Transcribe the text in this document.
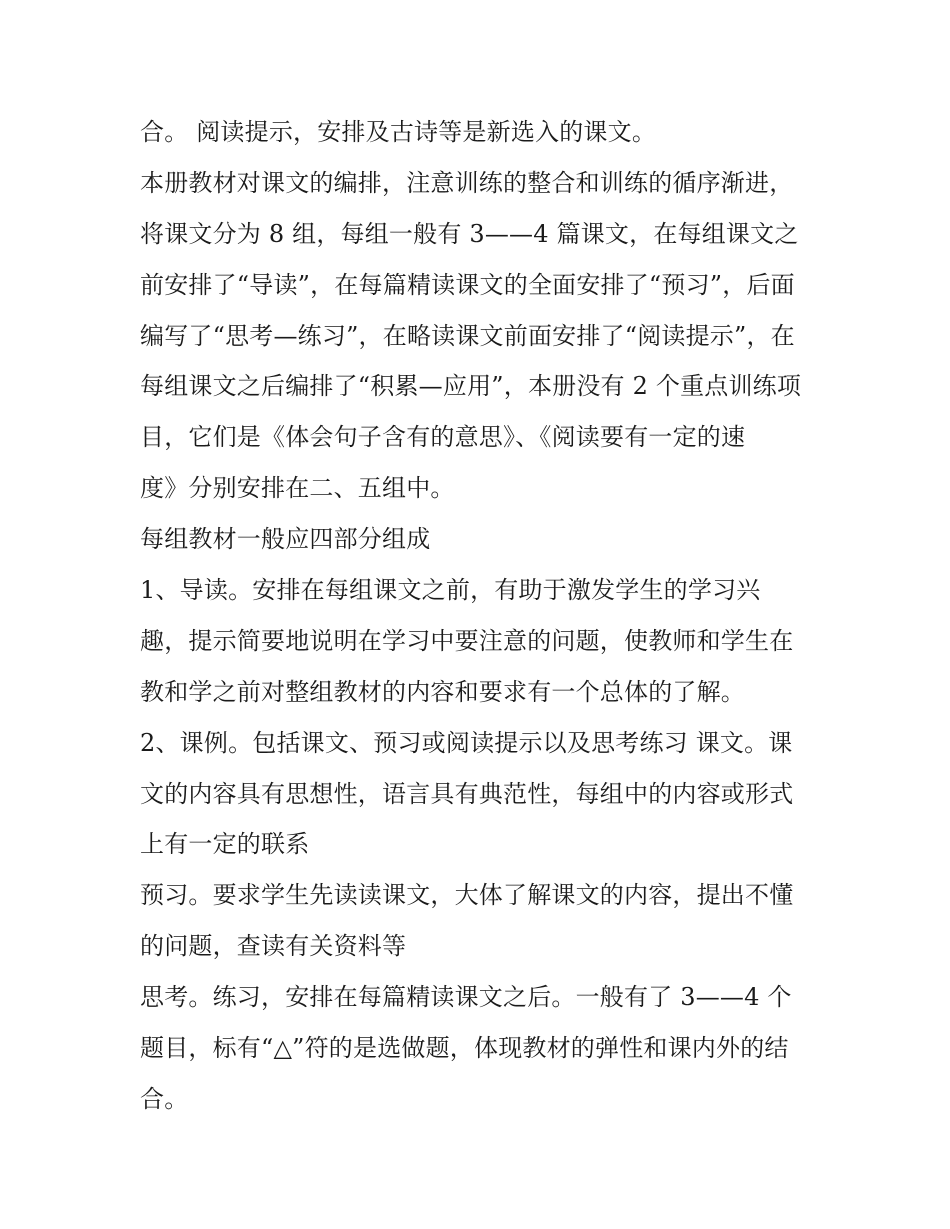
合。 阅读提示，安排及古诗等是新选入的课文。

本册教材对课文的编排，注意训练的整合和训练的循序渐进，

将课文分为 8 组，每组一般有 3——4 篇课文，在每组课文之

前安排了“导读”，在每篇精读课文的全面安排了“预习”，后面

编写了“思考—练习”，在略读课文前面安排了“阅读提示”，在

每组课文之后编排了“积累—应用”，本册没有 2 个重点训练项

目，它们是《体会句子含有的意思》、《阅读要有一定的速

度》分别安排在二、五组中。

每组教材一般应四部分组成

1、导读。安排在每组课文之前，有助于激发学生的学习兴

趣，提示简要地说明在学习中要注意的问题，使教师和学生在

教和学之前对整组教材的内容和要求有一个总体的了解。

2、课例。包括课文、预习或阅读提示以及思考练习 课文。课

文的内容具有思想性，语言具有典范性，每组中的内容或形式

上有一定的联系

预习。要求学生先读读课文，大体了解课文的内容，提出不懂

的问题，查读有关资料等

思考。练习，安排在每篇精读课文之后。一般有了 3——4 个

题目，标有“△”符的是选做题，体现教材的弹性和课内外的结

合。
